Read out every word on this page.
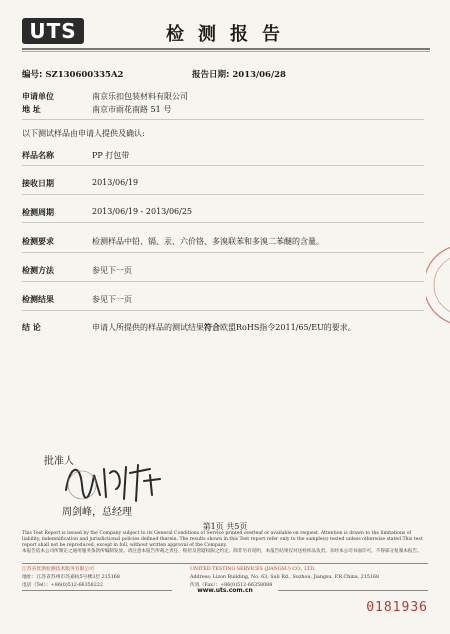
UTS	检测报告
编号: SZ130600335A2	报告日期: 2013/06/28
申请单位	南京乐扣包装材料有限公司
地 址	南京市雨花南路 51 号
以下测试样品由申请人提供及确认:
样品名称	PP 打包带
接收日期	2013/06/19
检测周期	2013/06/19 - 2013/06/25
检测要求	检测样品中铅、镉、汞、六价铬、多溴联苯和多溴二苯醚的含量。
检测方法	参见下一页
检测结果	参见下一页
结 论	申请人所提供的样品的测试结果符合欧盟RoHS指令2011/65/EU的要求。
批准人
周剑峰，总经理
第1页 共5页

This Test Report is issued by the Company subject to its General Conditions of Service printed overleaf or available on request. Attention is drawn to the limitations of liability, indemnification and jurisdictional policies defined therein. The results shown in this Test report refer only to the sample(s) tested unless otherwise stated This test report shall not be reproduced, except in full, without written approval of the Company.

本报告依本公司所制定之通用服务条款所编制发放。请注意本报告所载之责任、赔偿及管辖权限之约定。除非另有说明，本报告结果仅对送检样品负责。未经本公司书面许可，不得部分复制本报告。

江苏省优斯检测技术服务有限公司
地址：江苏省苏州市苏嘉杭5号楼3层 215168
电话（Tel）：+86(0)512-66358222
UNITED TESTING SERVICES (JIANGSU) CO., LTD.
Address: Lizon Building, No. 63, Suli Rd., Suzhou, Jiangsu, P.R.China, 215168
传真（Fax）：+86(0)512-66358088
www.uts.com.cn
0181936
